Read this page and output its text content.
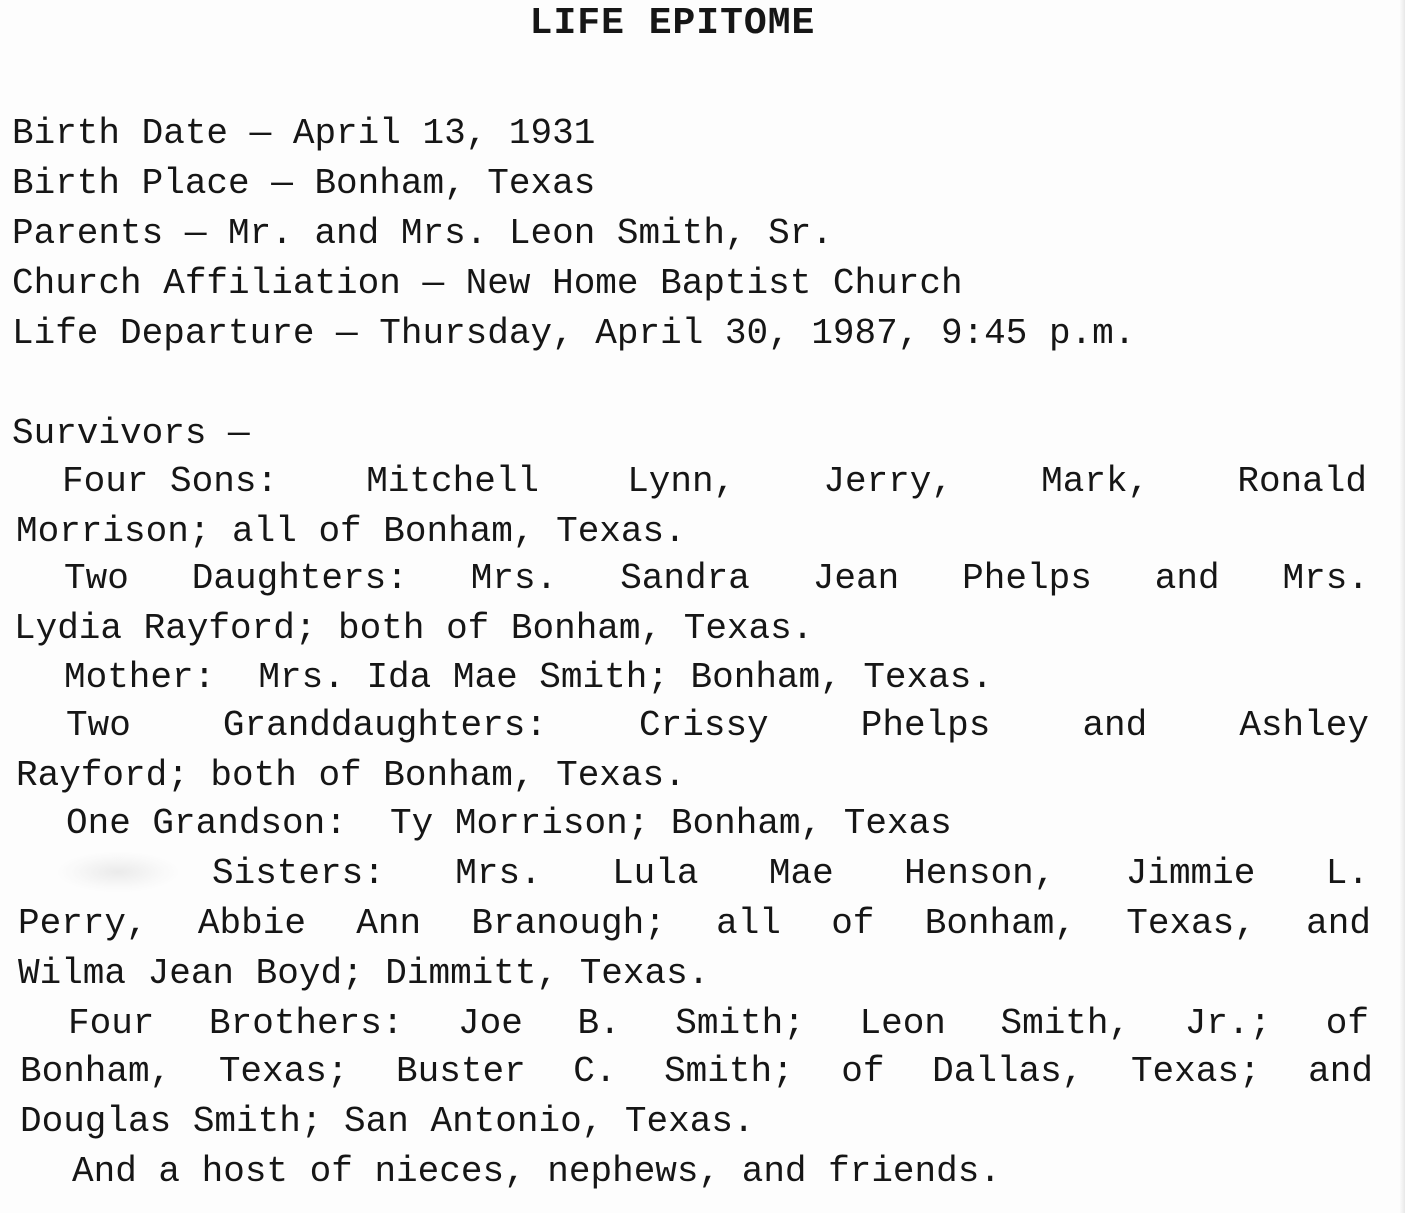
LIFE EPITOME
Birth Date — April 13, 1931
Birth Place — Bonham, Texas
Parents — Mr. and Mrs. Leon Smith, Sr.
Church Affiliation — New Home Baptist Church
Life Departure — Thursday, April 30, 1987, 9:45 p.m.
Survivors —
Four Sons: Mitchell Lynn, Jerry, Mark, Ronald
Morrison; all of Bonham, Texas.
Two Daughters: Mrs. Sandra Jean Phelps and Mrs.
Lydia Rayford; both of Bonham, Texas.
Mother:  Mrs. Ida Mae Smith; Bonham, Texas.
Two	Granddaughters:	Crissy	Phelps	and	Ashley
Rayford; both of Bonham, Texas.
One Grandson:  Ty Morrison; Bonham, Texas
Sisters: Mrs. Lula Mae Henson, Jimmie L.
Perry, Abbie Ann Branough; all of Bonham, Texas, and
Wilma Jean Boyd; Dimmitt, Texas.
Four Brothers: Joe B. Smith; Leon Smith, Jr.; of
Bonham, Texas; Buster C. Smith; of Dallas, Texas; and
Douglas Smith; San Antonio, Texas.
And a host of nieces, nephews, and friends.
